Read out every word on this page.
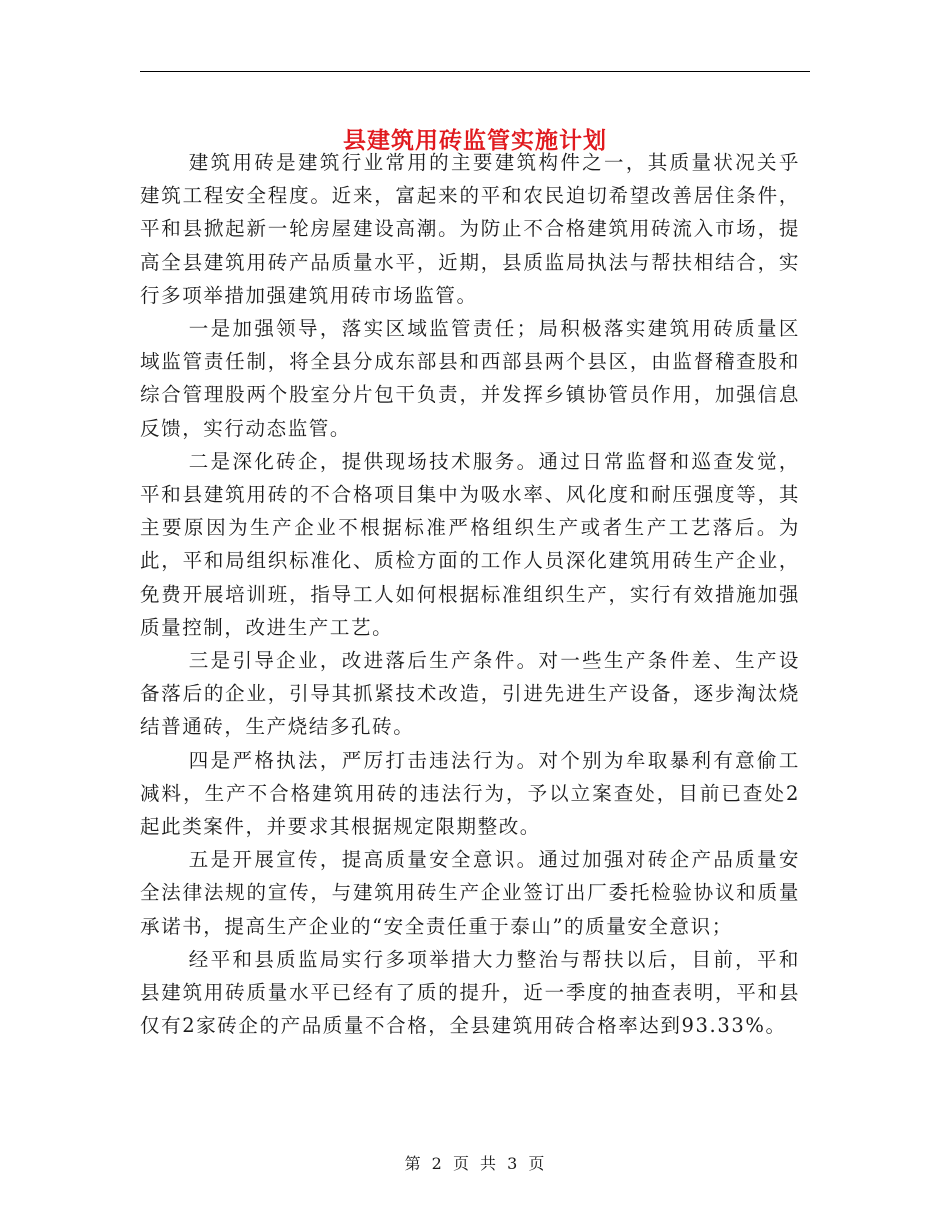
县建筑用砖监管实施计划

建筑用砖是建筑行业常用的主要建筑构件之一，其质量状况关乎建筑工程安全程度。近来，富起来的平和农民迫切希望改善居住条件，平和县掀起新一轮房屋建设高潮。为防止不合格建筑用砖流入市场，提高全县建筑用砖产品质量水平，近期，县质监局执法与帮扶相结合，实行多项举措加强建筑用砖市场监管。

一是加强领导，落实区域监管责任；局积极落实建筑用砖质量区域监管责任制，将全县分成东部县和西部县两个县区，由监督稽查股和综合管理股两个股室分片包干负责，并发挥乡镇协管员作用，加强信息反馈，实行动态监管。

二是深化砖企，提供现场技术服务。通过日常监督和巡查发觉，平和县建筑用砖的不合格项目集中为吸水率、风化度和耐压强度等，其主要原因为生产企业不根据标准严格组织生产或者生产工艺落后。为此，平和局组织标准化、质检方面的工作人员深化建筑用砖生产企业，免费开展培训班，指导工人如何根据标准组织生产，实行有效措施加强质量控制，改进生产工艺。

三是引导企业，改进落后生产条件。对一些生产条件差、生产设备落后的企业，引导其抓紧技术改造，引进先进生产设备，逐步淘汰烧结普通砖，生产烧结多孔砖。

四是严格执法，严厉打击违法行为。对个别为牟取暴利有意偷工减料，生产不合格建筑用砖的违法行为，予以立案查处，目前已查处2起此类案件，并要求其根据规定限期整改。

五是开展宣传，提高质量安全意识。通过加强对砖企产品质量安全法律法规的宣传，与建筑用砖生产企业签订出厂委托检验协议和质量承诺书，提高生产企业的“安全责任重于泰山”的质量安全意识；

经平和县质监局实行多项举措大力整治与帮扶以后，目前，平和县建筑用砖质量水平已经有了质的提升，近一季度的抽查表明，平和县仅有2家砖企的产品质量不合格，全县建筑用砖合格率达到93.33%。

第 2 页 共 3 页
